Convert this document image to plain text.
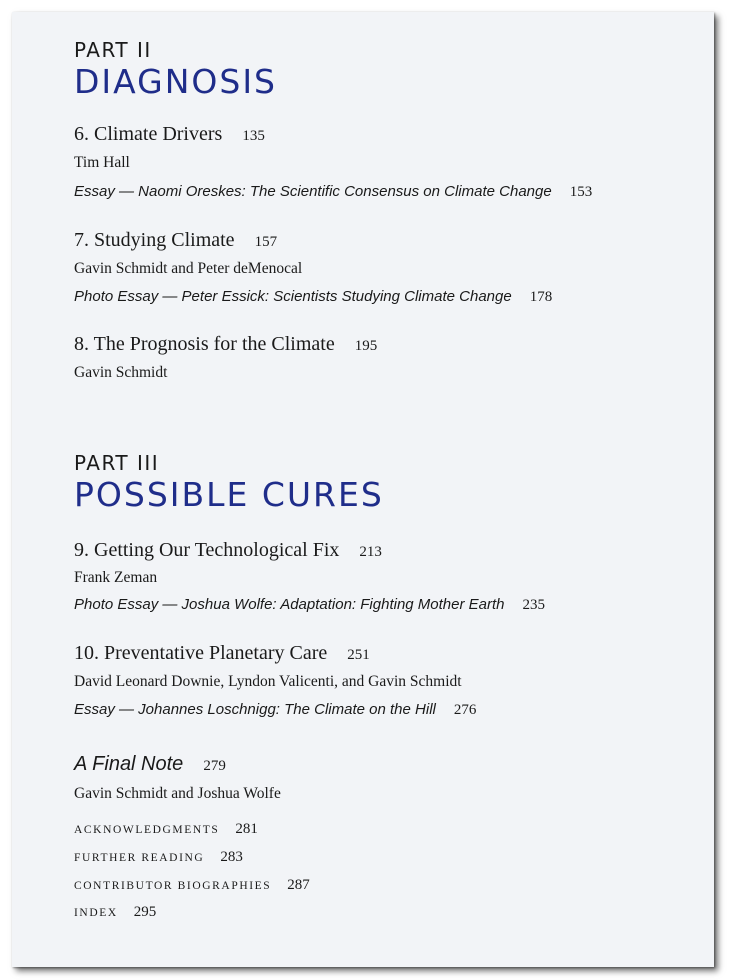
PART II
DIAGNOSIS
6. Climate Drivers 135
Tim Hall
Essay — Naomi Oreskes: The Scientific Consensus on Climate Change 153
7. Studying Climate 157
Gavin Schmidt and Peter deMenocal
Photo Essay — Peter Essick: Scientists Studying Climate Change 178
8. The Prognosis for the Climate 195
Gavin Schmidt
PART III
POSSIBLE CURES
9. Getting Our Technological Fix 213
Frank Zeman
Photo Essay — Joshua Wolfe: Adaptation: Fighting Mother Earth 235
10. Preventative Planetary Care 251
David Leonard Downie, Lyndon Valicenti, and Gavin Schmidt
Essay — Johannes Loschnigg: The Climate on the Hill 276
A Final Note 279
Gavin Schmidt and Joshua Wolfe
ACKNOWLEDGMENTS 281
FURTHER READING 283
CONTRIBUTOR BIOGRAPHIES 287
INDEX 295
